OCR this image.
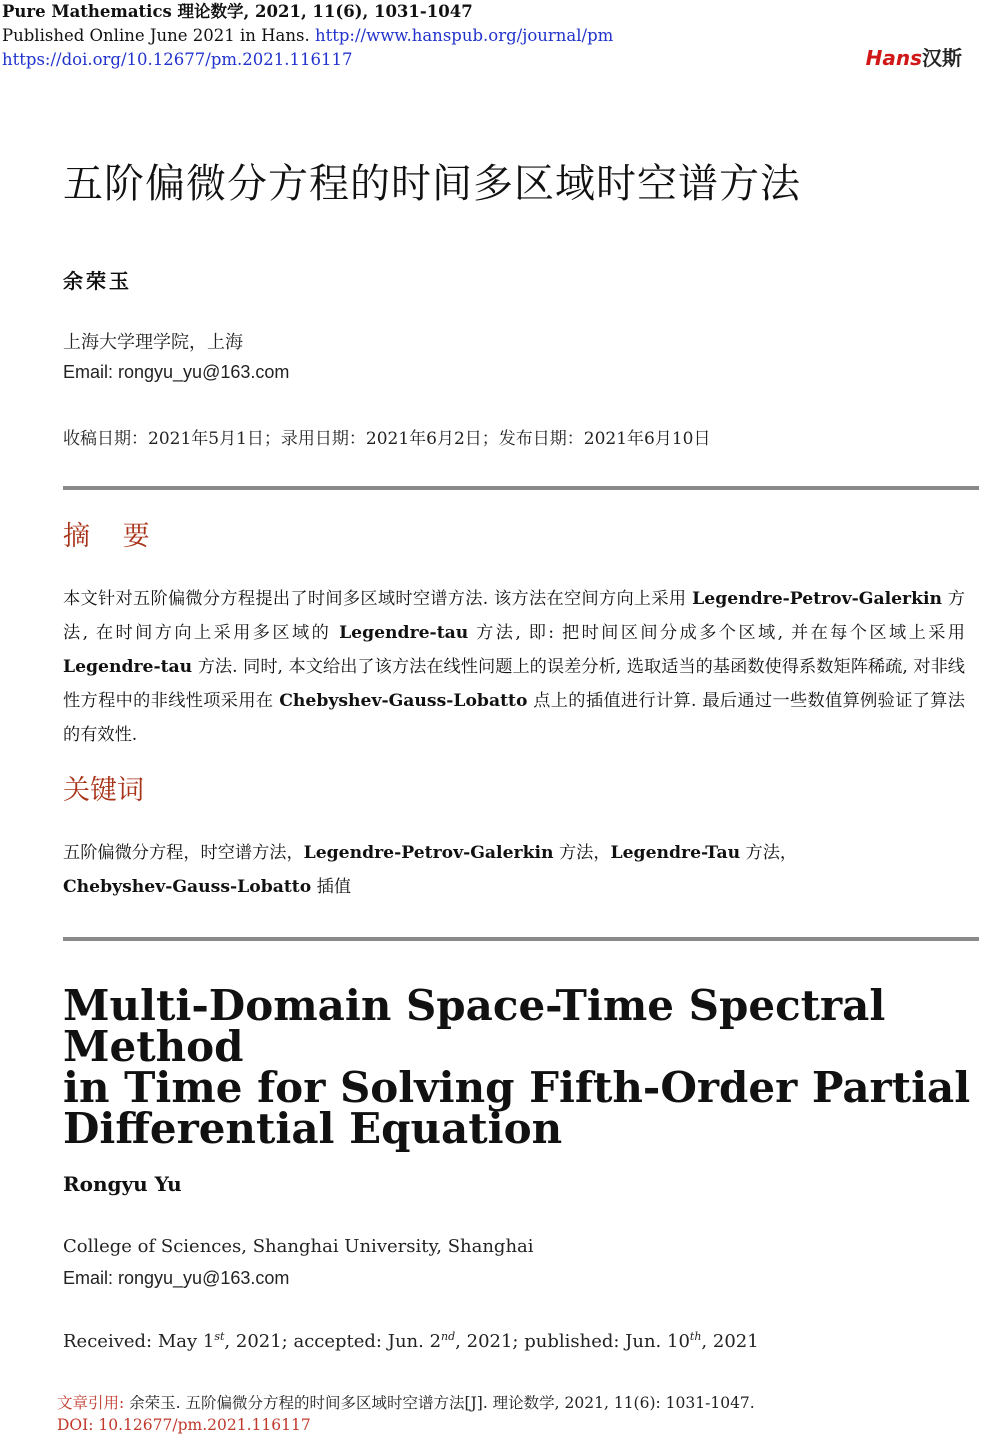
Pure Mathematics 理论数学, 2021, 11(6), 1031-1047
Published Online June 2021 in Hans. http://www.hanspub.org/journal/pm
https://doi.org/10.12677/pm.2021.116117	Hans汉斯
五阶偏微分方程的时间多区域时空谱方法
余荣玉
上海大学理学院，上海
Email: rongyu_yu@163.com
收稿日期：2021年5月1日；录用日期：2021年6月2日；发布日期：2021年6月10日
摘 要
本文针对五阶偏微分方程提出了时间多区域时空谱方法. 该方法在空间方向上采用 Legendre-Petrov-Galerkin 方法, 在时间方向上采用多区域的 Legendre-tau 方法, 即: 把时间区间分成多个区域, 并在每个区域上采用 Legendre-tau 方法. 同时, 本文给出了该方法在线性问题上的误差分析, 选取适当的基函数使得系数矩阵稀疏, 对非线性方程中的非线性项采用在 Chebyshev-Gauss-Lobatto 点上的插值进行计算. 最后通过一些数值算例验证了算法的有效性.
关键词
五阶偏微分方程，时空谱方法，Legendre-Petrov-Galerkin 方法，Legendre-Tau 方法，
Chebyshev-Gauss-Lobatto 插值
Multi-Domain Space-Time Spectral Method
in Time for Solving Fifth-Order Partial
Differential Equation
Rongyu Yu
College of Sciences, Shanghai University, Shanghai
Email: rongyu_yu@163.com
Received: May 1st, 2021; accepted: Jun. 2nd, 2021; published: Jun. 10th, 2021
文章引用: 余荣玉. 五阶偏微分方程的时间多区域时空谱方法[J]. 理论数学, 2021, 11(6): 1031-1047.
DOI: 10.12677/pm.2021.116117
